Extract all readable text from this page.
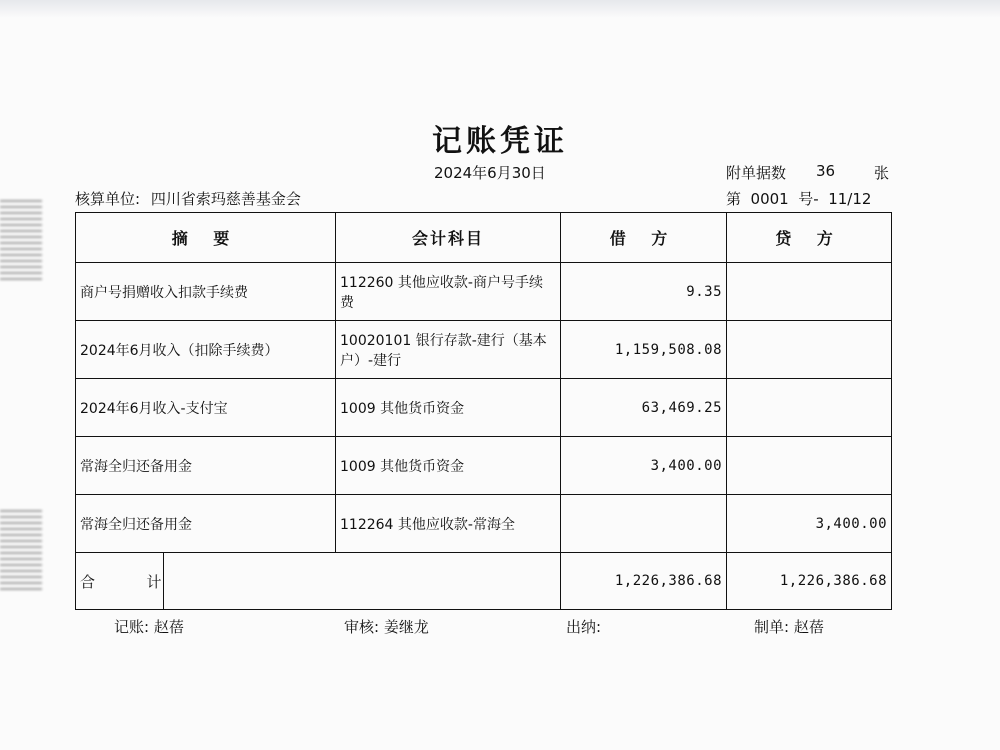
记账凭证
2024年6月30日	附单据数 36	张
核算单位: 四川省索玛慈善基金会	第  0001  号-  11/12
摘 要		会计科目	借 方	贷 方
商户号捐赠收入扣款手续费		112260 其他应收款-商户号手续费	9.35	
2024年6月收入（扣除手续费）		10020101 银行存款-建行（基本户）-建行	1,159,508.08	
2024年6月收入-支付宝		1009 其他货币资金	63,469.25	
常海全归还备用金		1009 其他货币资金	3,400.00	
常海全归还备用金		112264 其他应收款-常海全		3,400.00
合  计			1,226,386.68	1,226,386.68
记账: 赵蓓	审核: 姜继龙	出纳:	制单: 赵蓓
